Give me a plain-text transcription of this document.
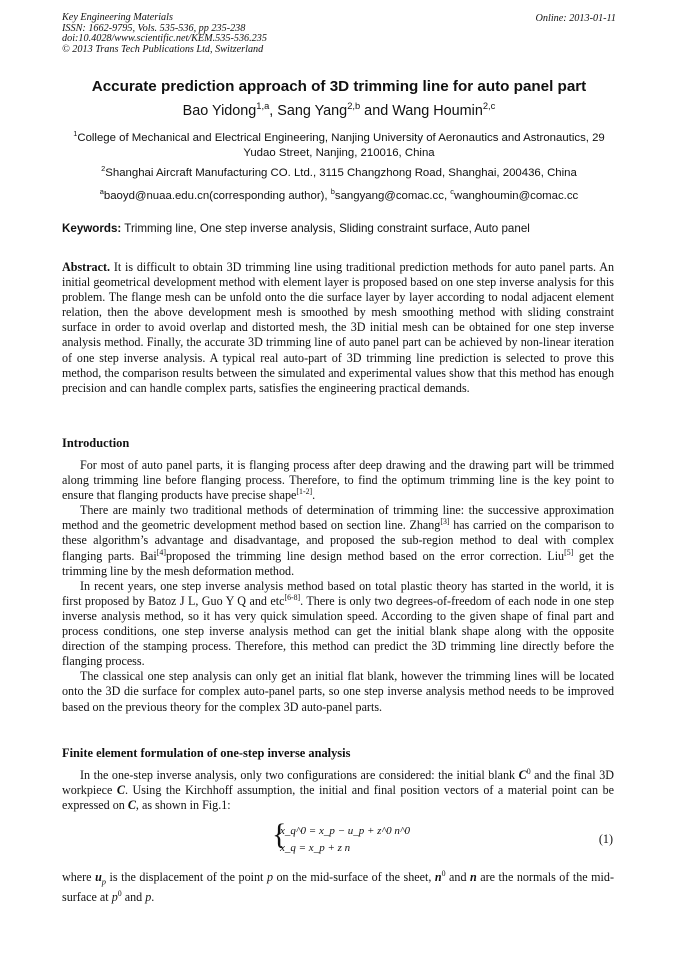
Key Engineering Materials
ISSN: 1662-9795, Vols. 535-536, pp 235-238
doi:10.4028/www.scientific.net/KEM.535-536.235
© 2013 Trans Tech Publications Ltd, Switzerland
Online: 2013-01-11
Accurate prediction approach of 3D trimming line for auto panel part
Bao Yidong$^{1,a}$, Sang Yang$^{2,b}$ and Wang Houmin$^{2,c}$
$^1$College of Mechanical and Electrical Engineering, Nanjing University of Aeronautics and Astronautics, 29 Yudao Street, Nanjing, 210016, China
$^2$Shanghai Aircraft Manufacturing CO. Ltd., 3115 Changzhong Road, Shanghai, 200436, China
$^a$baoyd@nuaa.edu.cn(corresponding author), $^b$sangyang@comac.cc, $^c$wanghoumin@comac.cc
Keywords: Trimming line, One step inverse analysis, Sliding constraint surface, Auto panel

Abstract. It is difficult to obtain 3D trimming line using traditional prediction methods for auto panel parts. An initial geometrical development method with element layer is proposed based on one step inverse analysis for this problem. The flange mesh can be unfold onto the die surface layer by layer according to nodal adjacent element relation, then the above development mesh is smoothed by mesh smoothing method with sliding constraint surface in order to avoid overlap and distorted mesh, the 3D initial mesh can be obtained for one step inverse analysis method. Finally, the accurate 3D trimming line of auto panel part can be achieved by non-linear iteration of one step inverse analysis. A typical real auto-part of 3D trimming line prediction is selected to prove this method, the comparison results between the simulated and experimental values show that this method has enough precision and can handle complex parts, satisfies the engineering practical demands.

Introduction

For most of auto panel parts, it is flanging process after deep drawing and the drawing part will be trimmed along trimming line before flanging process. Therefore, to find the optimum trimming line is the key point to ensure that flanging products have precise shape[1-2].

There are mainly two traditional methods of determination of trimming line: the successive approximation method and the geometric development method based on section line. Zhang[3] has carried on the comparison to these algorithm’s advantage and disadvantage, and proposed the sub-region method to deal with complex flanging parts. Bai[4]proposed the trimming line design method based on the error correction. Liu[5] get the trimming line by the mesh deformation method.

In recent years, one step inverse analysis method based on total plastic theory has started in the world, it is first proposed by Batoz J L, Guo Y Q and etc[6-8]. There is only two degrees-of-freedom of each node in one step inverse analysis method, so it has very quick simulation speed. According to the given shape of final part and process conditions, one step inverse analysis method can get the initial blank shape along with the opposite direction of the stamping process. Therefore, this method can predict the 3D trimming line directly before the flanging process.

The classical one step analysis can only get an initial flat blank, however the trimming lines will be located onto the 3D die surface for complex auto-panel parts, so one step inverse analysis method needs to be improved based on the previous theory for the complex 3D auto-panel parts.

Finite element formulation of one-step inverse analysis

In the one-step inverse analysis, only two configurations are considered: the initial blank $C^0$ and the final 3D workpiece C. Using the Kirchhoff assumption, the initial and final position vectors of a material point can be expressed on C, as shown in Fig.1:

{
x_q^0 = x_p − u_p + z^0 n^0
x_q = x_p + z n
(1)

where $u_p$ is the displacement of the point p on the mid-surface of the sheet, $n^0$ and n are the normals of the mid-surface at $p^0$ and p.
